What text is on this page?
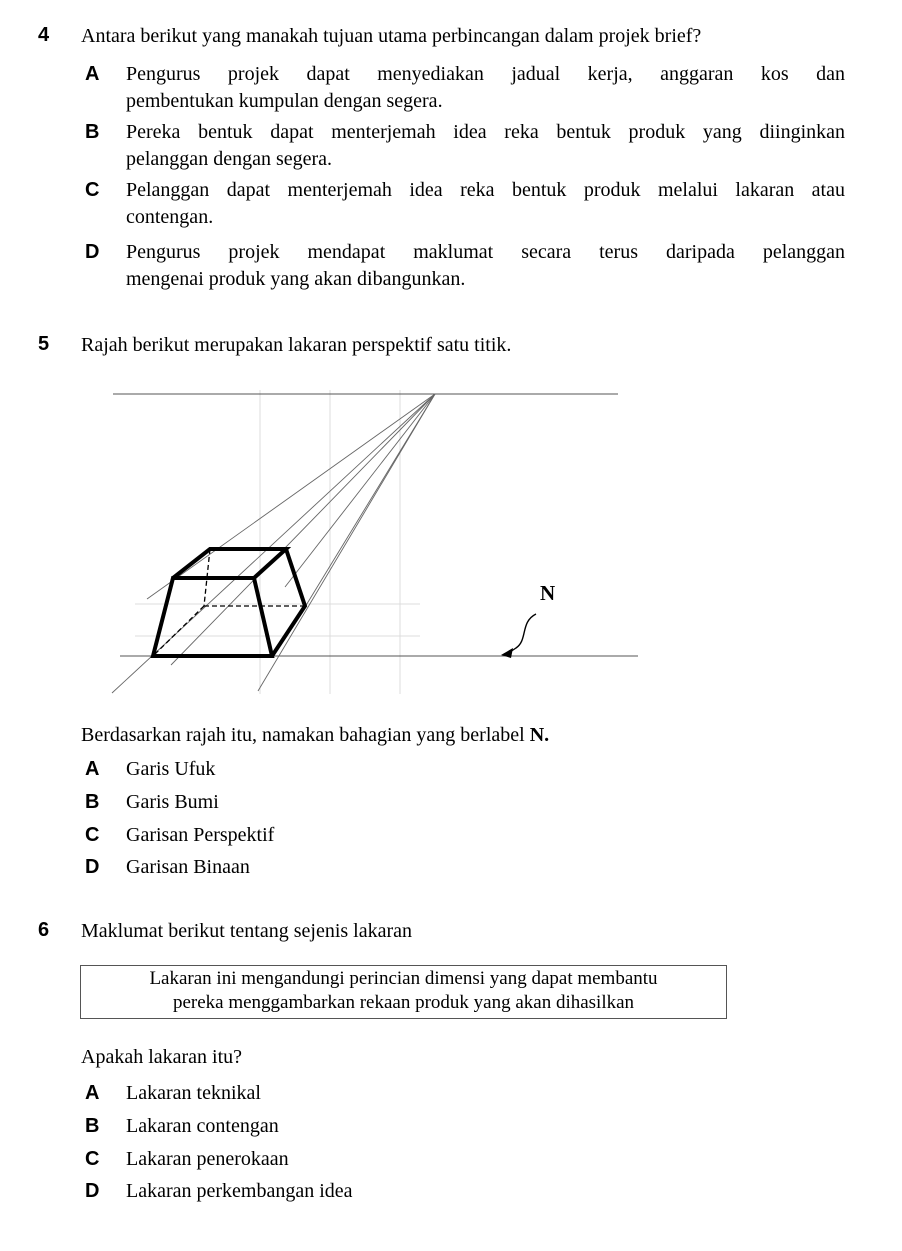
4 Antara berikut yang manakah tujuan utama perbincangan dalam projek brief?
A Pengurus projek dapat menyediakan jadual kerja, anggaran kos dan
pembentukan kumpulan dengan segera.
B Pereka bentuk dapat menterjemah idea reka bentuk produk yang diinginkan
pelanggan dengan segera.
C Pelanggan dapat menterjemah idea reka bentuk produk melalui lakaran atau
contengan.
D Pengurus projek mendapat maklumat secara terus daripada pelanggan
mengenai produk yang akan dibangunkan.
5 Rajah berikut merupakan lakaran perspektif satu titik.
N
Berdasarkan rajah itu, namakan bahagian yang berlabel N.
A Garis Ufuk
B Garis Bumi
C Garisan Perspektif
D Garisan Binaan
6 Maklumat berikut tentang sejenis lakaran
Lakaran ini mengandungi perincian dimensi yang dapat membantu
pereka menggambarkan rekaan produk yang akan dihasilkan
Apakah lakaran itu?
A Lakaran teknikal
B Lakaran contengan
C Lakaran penerokaan
D Lakaran perkembangan idea
